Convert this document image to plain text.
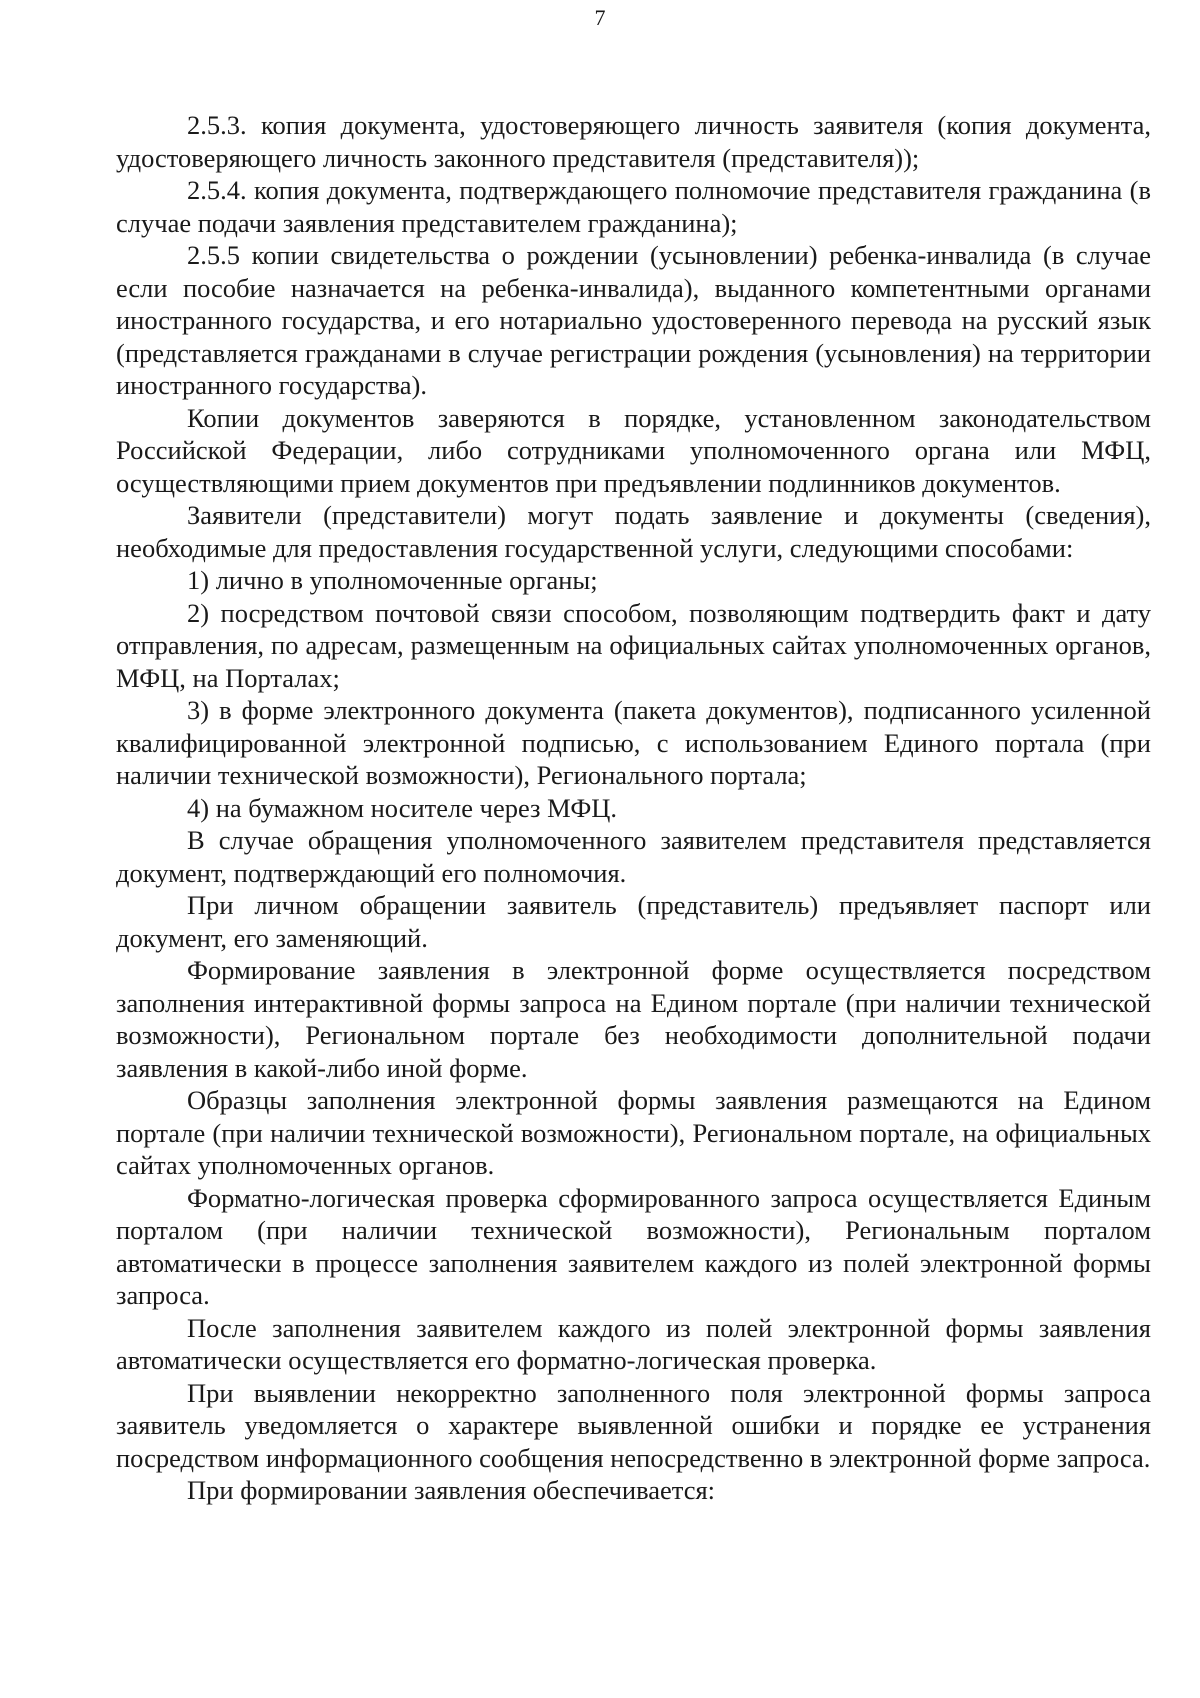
7

2.5.3. копия документа, удостоверяющего личность заявителя (копия документа, удостоверяющего личность законного представителя (представителя));

2.5.4. копия документа, подтверждающего полномочие представителя гражданина (в случае подачи заявления представителем гражданина);

2.5.5 копии свидетельства о рождении (усыновлении) ребенка-инвалида (в случае если пособие назначается на ребенка-инвалида), выданного компетентными органами иностранного государства, и его нотариально удостоверенного перевода на русский язык (представляется гражданами в случае регистрации рождения (усыновления) на территории иностранного государства).

Копии документов заверяются в порядке, установленном законодательством Российской Федерации, либо сотрудниками уполномоченного органа или МФЦ, осуществляющими прием документов при предъявлении подлинников документов.

Заявители (представители) могут подать заявление и документы (сведения), необходимые для предоставления государственной услуги, следующими способами:

1) лично в уполномоченные органы;

2) посредством почтовой связи способом, позволяющим подтвердить факт и дату отправления, по адресам, размещенным на официальных сайтах уполномоченных органов, МФЦ, на Порталах;

3) в форме электронного документа (пакета документов), подписанного усиленной квалифицированной электронной подписью, с использованием Единого портала (при наличии технической возможности), Регионального портала;

4) на бумажном носителе через МФЦ.

В случае обращения уполномоченного заявителем представителя представляется документ, подтверждающий его полномочия.

При личном обращении заявитель (представитель) предъявляет паспорт или документ, его заменяющий.

Формирование заявления в электронной форме осуществляется посредством заполнения интерактивной формы запроса на Едином портале (при наличии технической возможности), Региональном портале без необходимости дополнительной подачи заявления в какой-либо иной форме.

Образцы заполнения электронной формы заявления размещаются на Едином портале (при наличии технической возможности), Региональном портале, на официальных сайтах уполномоченных органов.

Форматно-логическая проверка сформированного запроса осуществляется Единым порталом (при наличии технической возможности), Региональным порталом автоматически в процессе заполнения заявителем каждого из полей электронной формы запроса.

После заполнения заявителем каждого из полей электронной формы заявления автоматически осуществляется его форматно-логическая проверка.

При выявлении некорректно заполненного поля электронной формы запроса заявитель уведомляется о характере выявленной ошибки и порядке ее устранения посредством информационного сообщения непосредственно в электронной форме запроса.

При формировании заявления обеспечивается:
